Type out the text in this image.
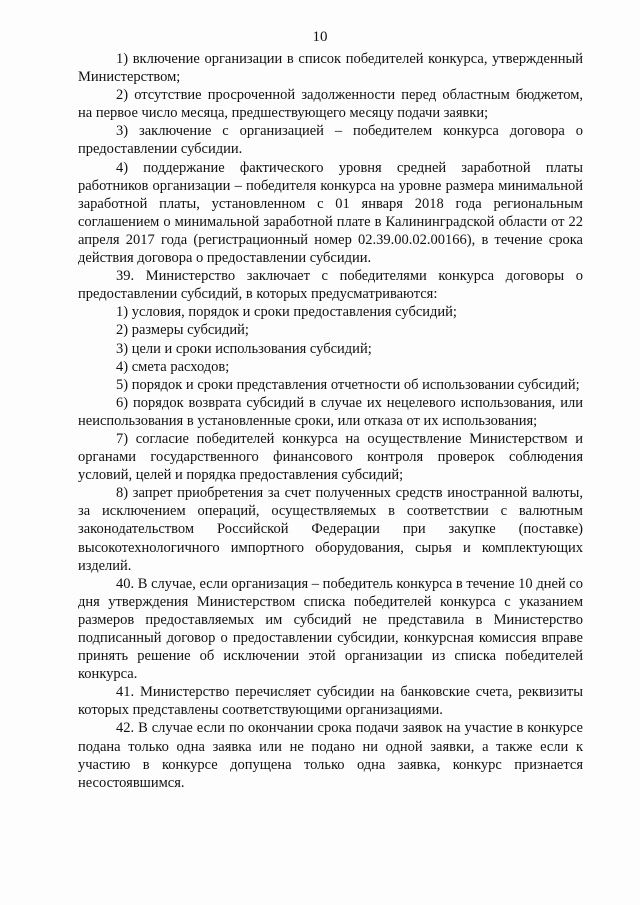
10

1) включение организации в список победителей конкурса, утвержденный Министерством;

2) отсутствие просроченной задолженности перед областным бюджетом, на первое число месяца, предшествующего месяцу подачи заявки;

3) заключение с организацией – победителем конкурса договора о предоставлении субсидии.

4) поддержание фактического уровня средней заработной платы работников организации – победителя конкурса на уровне размера минимальной заработной платы, установленном с 01 января 2018 года региональным соглашением о минимальной заработной плате в Калининградской области от 22 апреля 2017 года (регистрационный номер 02.39.00.02.00166), в течение срока действия договора о предоставлении субсидии.

39. Министерство заключает с победителями конкурса договоры о предоставлении субсидий, в которых предусматриваются:

1) условия, порядок и сроки предоставления субсидий;

2) размеры субсидий;

3) цели и сроки использования субсидий;

4) смета расходов;

5) порядок и сроки представления отчетности об использовании субсидий;

6) порядок возврата субсидий в случае их нецелевого использования, или неиспользования в установленные сроки, или отказа от их использования;

7) согласие победителей конкурса на осуществление Министерством и органами государственного финансового контроля проверок соблюдения условий, целей и порядка предоставления субсидий;

8) запрет приобретения за счет полученных средств иностранной валюты, за исключением операций, осуществляемых в соответствии с валютным законодательством Российской Федерации при закупке (поставке) высокотехнологичного импортного оборудования, сырья и комплектующих изделий.

40. В случае, если организация – победитель конкурса в течение 10 дней со дня утверждения Министерством списка победителей конкурса с указанием размеров предоставляемых им субсидий не представила в Министерство подписанный договор о предоставлении субсидии, конкурсная комиссия вправе принять решение об исключении этой организации из списка победителей конкурса.

41. Министерство перечисляет субсидии на банковские счета, реквизиты которых представлены соответствующими организациями.

42. В случае если по окончании срока подачи заявок на участие в конкурсе подана только одна заявка или не подано ни одной заявки, а также если к участию в конкурсе допущена только одна заявка, конкурс признается несостоявшимся.
